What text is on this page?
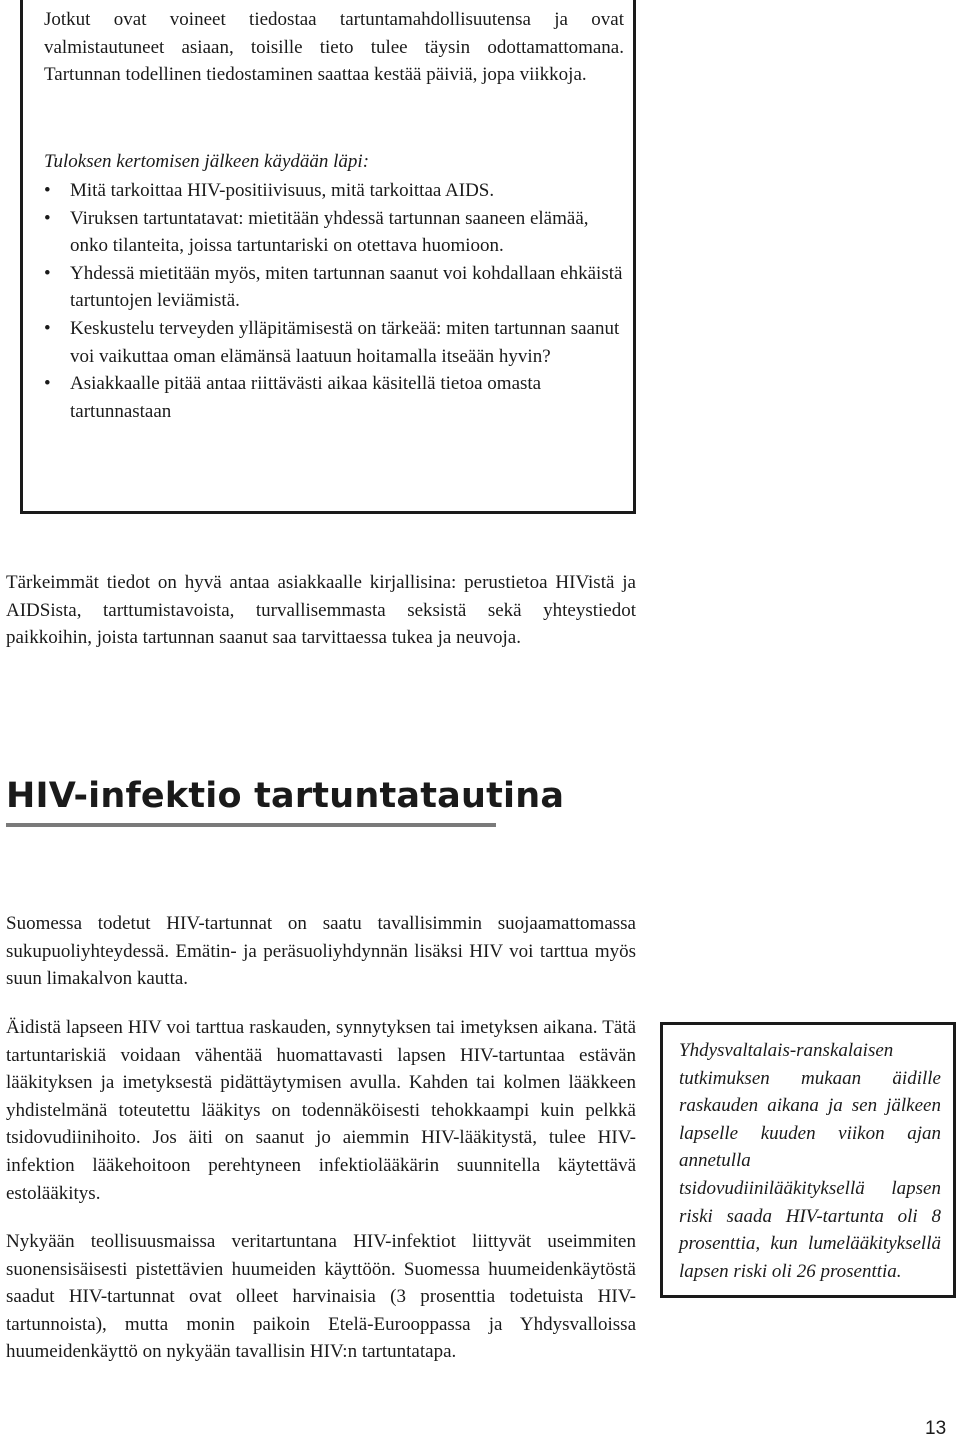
Jotkut ovat voineet tiedostaa tartuntamahdollisuutensa ja ovat valmistautuneet asiaan, toisille tieto tulee täysin odottamattomana. Tartunnan todellinen tiedostaminen saattaa kestää päiviä, jopa viikkoja.

Tuloksen kertomisen jälkeen käydään läpi:

• Mitä tarkoittaa HIV-positiivisuus, mitä tarkoittaa AIDS.
• Viruksen tartuntatavat: mietitään yhdessä tartunnan saaneen elämää, onko tilanteita, joissa tartuntariski on otettava huomioon.
• Yhdessä mietitään myös, miten tartunnan saanut voi kohdallaan ehkäistä tartuntojen leviämistä.
• Keskustelu terveyden ylläpitämisestä on tärkeää: miten tartunnan saanut voi vaikuttaa oman elämänsä laatuun hoitamalla itseään hyvin?
• Asiakkaalle pitää antaa riittävästi aikaa käsitellä tietoa omasta tartunnastaan

Tärkeimmät tiedot on hyvä antaa asiakkaalle kirjallisina: perustietoa HIVistä ja AIDSista, tarttumistavoista, turvallisemmasta seksistä sekä yhteystiedot paikkoihin, joista tartunnan saanut saa tarvittaessa tukea ja neuvoja.

HIV-infektio tartuntatautina

Suomessa todetut HIV-tartunnat on saatu tavallisimmin suojaamattomassa sukupuoliyhteydessä. Emätin- ja peräsuoliyhdynnän lisäksi HIV voi tarttua myös suun limakalvon kautta.

Äidistä lapseen HIV voi tarttua raskauden, synnytyksen tai imetyksen aikana. Tätä tartuntariskiä voidaan vähentää huomattavasti lapsen HIV-tartuntaa estävän lääkityksen ja imetyksestä pidättäytymisen avulla. Kahden tai kolmen lääkkeen yhdistelmänä toteutettu lääkitys on todennäköisesti tehokkaampi kuin pelkkä tsidovudiinihoito. Jos äiti on saanut jo aiemmin HIV-lääkitystä, tulee HIV-infektion lääkehoitoon perehtyneen infektiolääkärin suunnitella käytettävä estolääkitys.

Nykyään teollisuusmaissa veritartuntana HIV-infektiot liittyvät useimmiten suonensisäisesti pistettävien huumeiden käyttöön. Suomessa huumeidenkäytöstä saadut HIV-tartunnat ovat olleet harvinaisia (3 prosenttia todetuista HIV-tartunnoista), mutta monin paikoin Etelä-Eurooppassa ja Yhdysvalloissa huumeidenkäyttö on nykyään tavallisin HIV:n tartuntatapa.

Yhdysvaltalais-ranskalaisen tutkimuksen mukaan äidille raskauden aikana ja sen jälkeen lapselle kuuden viikon ajan annetulla tsidovudiinilääkityksellä lapsen riski saada HIV-tartunta oli 8 prosenttia, kun lumelääkityksellä lapsen riski oli 26 prosenttia.
13
